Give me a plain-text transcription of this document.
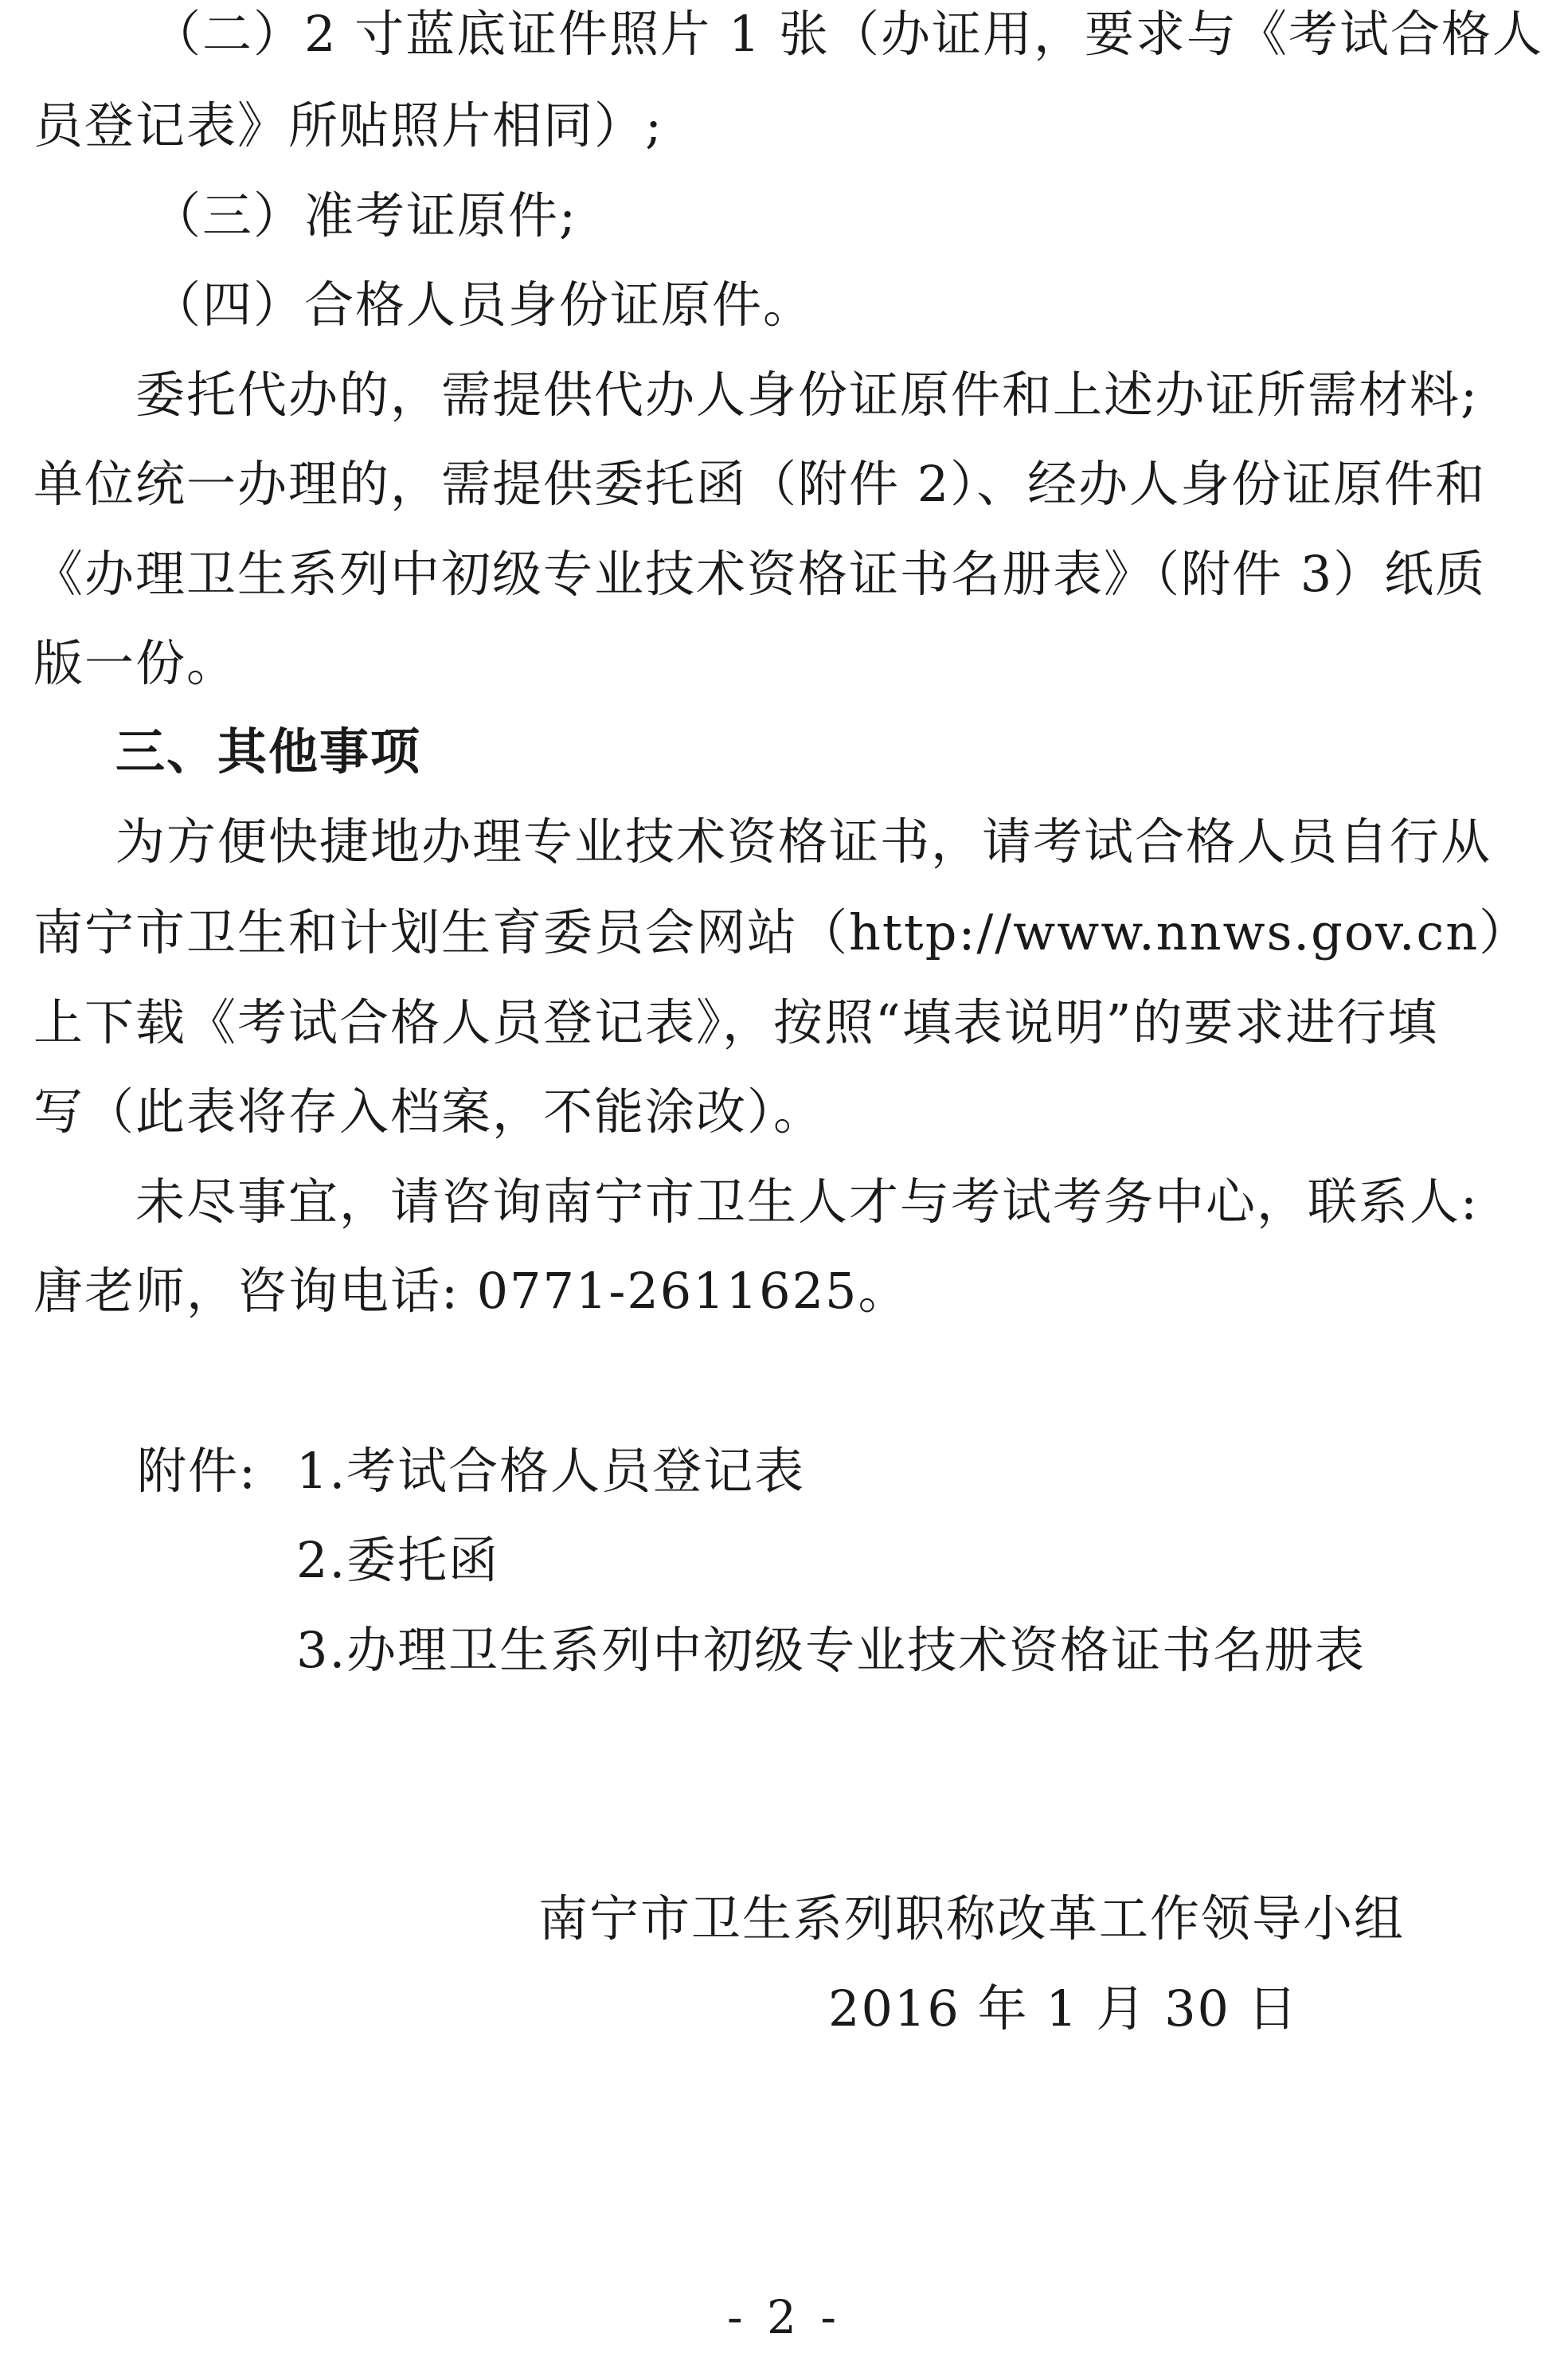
（二）2 寸蓝底证件照片 1 张（办证用，要求与《考试合格人
员登记表》所贴照片相同）;
（三）准考证原件;
（四）合格人员身份证原件。
委托代办的，需提供代办人身份证原件和上述办证所需材料;
单位统一办理的，需提供委托函（附件 2）、经办人身份证原件和
《办理卫生系列中初级专业技术资格证书名册表》（附件 3）纸质
版一份。
三、其他事项
为方便快捷地办理专业技术资格证书，请考试合格人员自行从
南宁市卫生和计划生育委员会网站（http://www.nnws.gov.cn）
上下载《考试合格人员登记表》，按照“填表说明”的要求进行填
写（此表将存入档案，不能涂改）。
未尽事宜，请咨询南宁市卫生人才与考试考务中心，联系人:
唐老师，咨询电话: 0771-2611625。
附件: 1.考试合格人员登记表
2.委托函
3.办理卫生系列中初级专业技术资格证书名册表
南宁市卫生系列职称改革工作领导小组
2016 年 1 月 30 日
- 2 -
